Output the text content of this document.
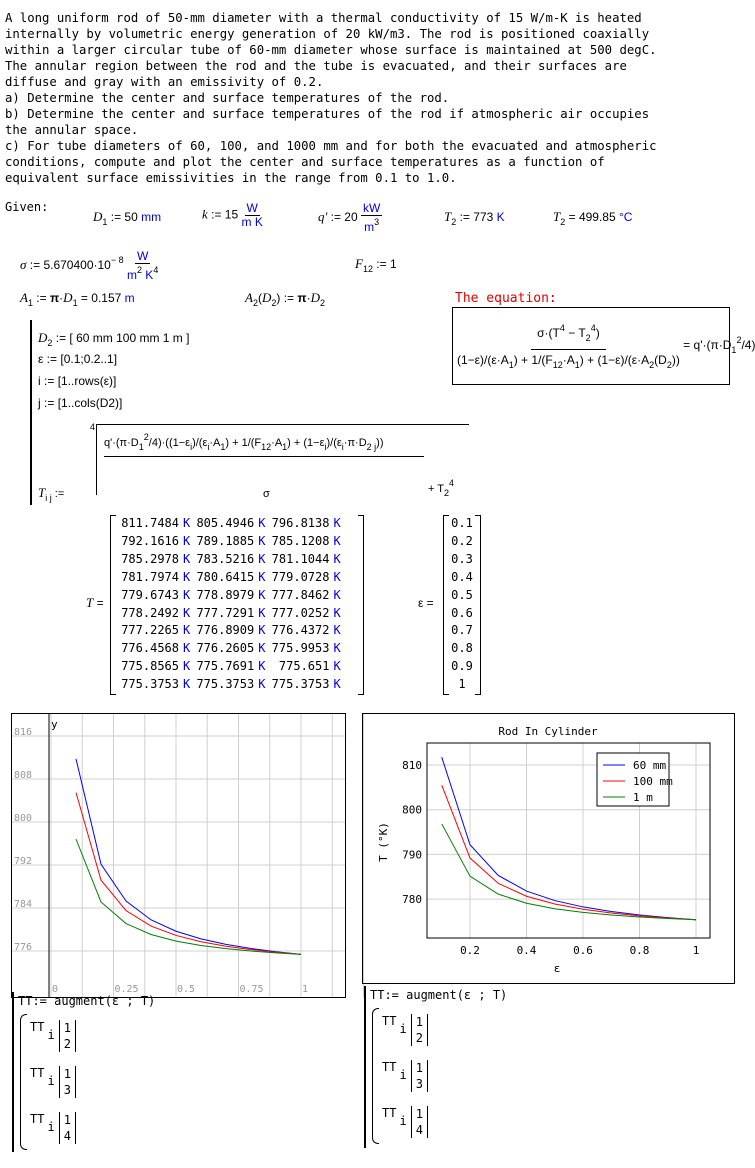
A long uniform rod of 50-mm diameter with a thermal conductivity of 15 W/m-K is heated
internally by volumetric energy generation of 20 kW/m3. The rod is positioned coaxially
within a larger circular tube of 60-mm diameter whose surface is maintained at 500 degC.
The annular region between the rod and the tube is evacuated, and their surfaces are
diffuse and gray with an emissivity of 0.2.
a) Determine the center and surface temperatures of the rod.
b) Determine the center and surface temperatures of the rod if atmospheric air occupies
the annular space.
c) For tube diameters of 60, 100, and 1000 mm and for both the evacuated and atmospheric
conditions, compute and plot the center and surface temperatures as a function of
equivalent surface emissivities in the range from 0.1 to 1.0.
Given:
$D_1$ := 50 mm	k := $15 \frac{W}{\text{m K}}$	q' := $20 \frac{kW}{m^3}$	$T_2$ := 773 K	$T_2 = 499.85$ °C
σ := $5.670400\cdot 10^{- 8} \frac{W}{m^2 K^4}$	$F_{12}$ := 1
$A_1$ := $\pi\cdot D_1 = 0.157$ m	$A_2(D_2)$ := $\pi\cdot D_2$	The equation:
$\frac{\sigma\cdot(T^4 - T_2^4)}{(1-\varepsilon)/(\varepsilon\cdot A_1) + 1/(F_{12}\cdot A_1) + (1-\varepsilon)/(\varepsilon\cdot A_2(D_2))} = q'\cdot(\pi\cdot D_1^2/4)$
$D_2$ := [ 60 mm 100 mm 1 m ]
ε := [0.1;0.2..1]
i := [1..rows(ε)]
j := [1..cols(D2)]
$T_{i j}$ :=
4
$q'\cdot(\pi\cdot D_1^2/4)\cdot((1-\varepsilon_i)/(\varepsilon_i\cdot A_1) + 1/(F_{12}\cdot A_1) + (1-\varepsilon_i)/(\varepsilon_i\cdot\pi\cdot D_{2 j}))$
σ	+ $T_2^4$
T =
811.7484 K 805.4946 K 796.8138 K
792.1616 K 789.1885 K 785.1208 K
785.2978 K 783.5216 K 781.1044 K
781.7974 K 780.6415 K 779.0728 K
779.6743 K 778.8979 K 777.8462 K
778.2492 K 777.7291 K 777.0252 K
777.2265 K 776.8909 K 776.4372 K
776.4568 K 776.2605 K 775.9953 K
775.8565 K 775.7691 K 775.651 K
775.3753 K 775.3753 K 775.3753 K
ε =
0.1
0.2
0.3
0.4
0.5
0.6
0.7
0.8
0.9
1
y
816
808
800
792
784
776
0	0.25	0.5	0.75	1
Rod In Cylinder
810
800
790
780
0.2	0.4	0.6	0.8	1
ε
T (°K)
60 mm
100 mm
1 m
TT:= augment(ε ; T)
TT
i 1
2
TT
i 1
3
TT
i 1
4
TT:= augment(ε ; T)
TT
i 1
2
TT
i 1
3
TT
i 1
4
